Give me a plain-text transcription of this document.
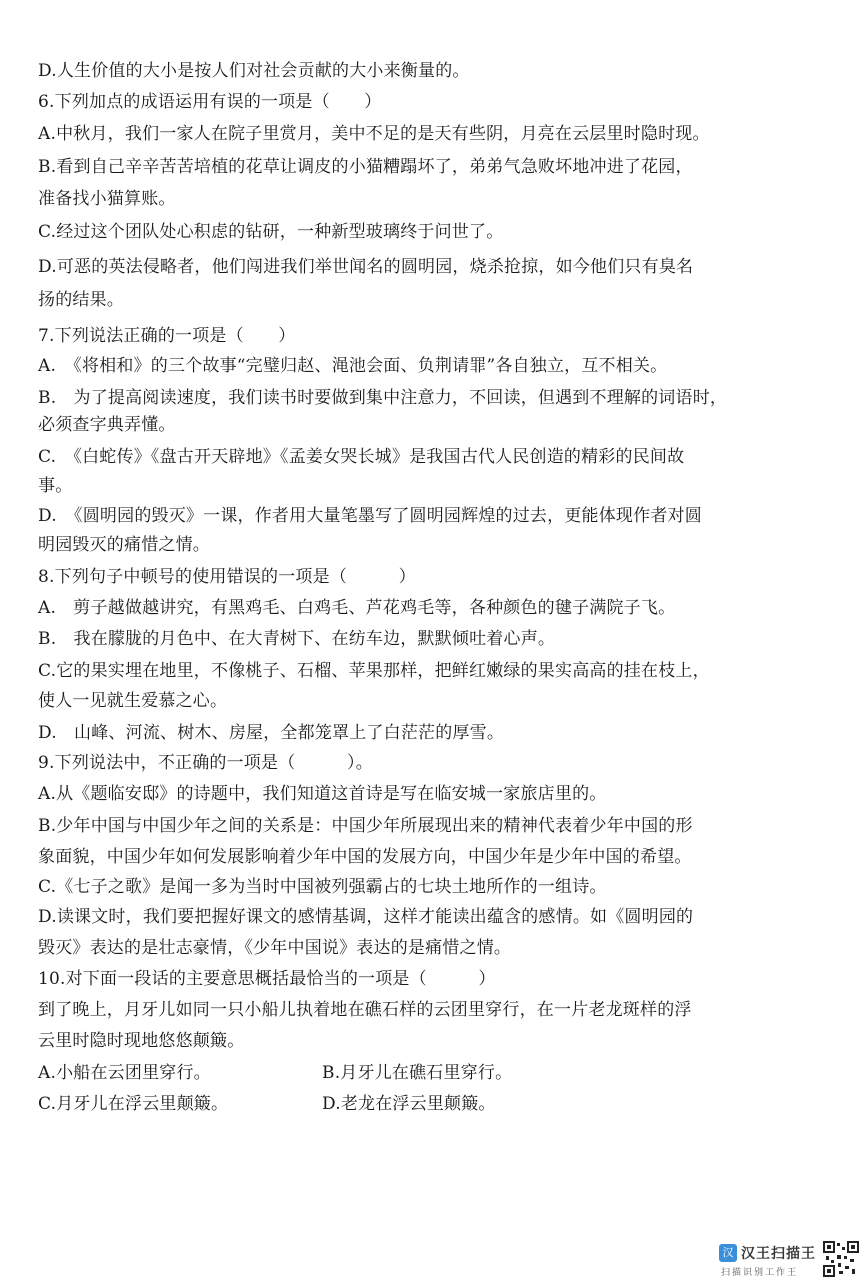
D.人生价值的大小是按人们对社会贡献的大小来衡量的。
6.下列加点的成语运用有误的一项是（　　）
A.中秋月，我们一家人在院子里赏月，美中不足的是天有些阴，月亮在云层里时隐时现。
B.看到自己辛辛苦苦培植的花草让调皮的小猫糟蹋坏了，弟弟气急败坏地冲进了花园，
准备找小猫算账。
C.经过这个团队处心积虑的钻研，一种新型玻璃终于问世了。
D.可恶的英法侵略者，他们闯进我们举世闻名的圆明园，烧杀抢掠，如今他们只有臭名
扬的结果。
7.下列说法正确的一项是（　　）
A.　《将相和》的三个故事“完璧归赵、渑池会面、负荆请罪”各自独立，互不相关。
B.　为了提高阅读速度，我们读书时要做到集中注意力，不回读，但遇到不理解的词语时，
必须查字典弄懂。
C.　《白蛇传》《盘古开天辟地》《孟姜女哭长城》是我国古代人民创造的精彩的民间故
事。
D.　《圆明园的毁灭》一课，作者用大量笔墨写了圆明园辉煌的过去，更能体现作者对圆
明园毁灭的痛惜之情。
8.下列句子中顿号的使用错误的一项是（　　　）
A.　剪子越做越讲究，有黑鸡毛、白鸡毛、芦花鸡毛等，各种颜色的毽子满院子飞。
B.　我在朦胧的月色中、在大青树下、在纺车边，默默倾吐着心声。
C.它的果实埋在地里，不像桃子、石榴、苹果那样，把鲜红嫩绿的果实高高的挂在枝上，
使人一见就生爱慕之心。
D.　山峰、河流、树木、房屋，全都笼罩上了白茫茫的厚雪。
9.下列说法中，不正确的一项是（　　　）。
A.从《题临安邸》的诗题中，我们知道这首诗是写在临安城一家旅店里的。
B.少年中国与中国少年之间的关系是：中国少年所展现出来的精神代表着少年中国的形
象面貌，中国少年如何发展影响着少年中国的发展方向，中国少年是少年中国的希望。
C.《七子之歌》是闻一多为当时中国被列强霸占的七块土地所作的一组诗。
D.读课文时，我们要把握好课文的感情基调，这样才能读出蕴含的感情。如《圆明园的
毁灭》表达的是壮志豪情，《少年中国说》表达的是痛惜之情。
10.对下面一段话的主要意思概括最恰当的一项是（　　　）
到了晚上，月牙儿如同一只小船儿执着地在礁石样的云团里穿行，在一片老龙斑样的浮
云里时隐时现地悠悠颠簸。
A.小船在云团里穿行。	B.月牙儿在礁石里穿行。
C.月牙儿在浮云里颠簸。	D.老龙在浮云里颠簸。
汉 汉王扫描王
扫描识别工作王
